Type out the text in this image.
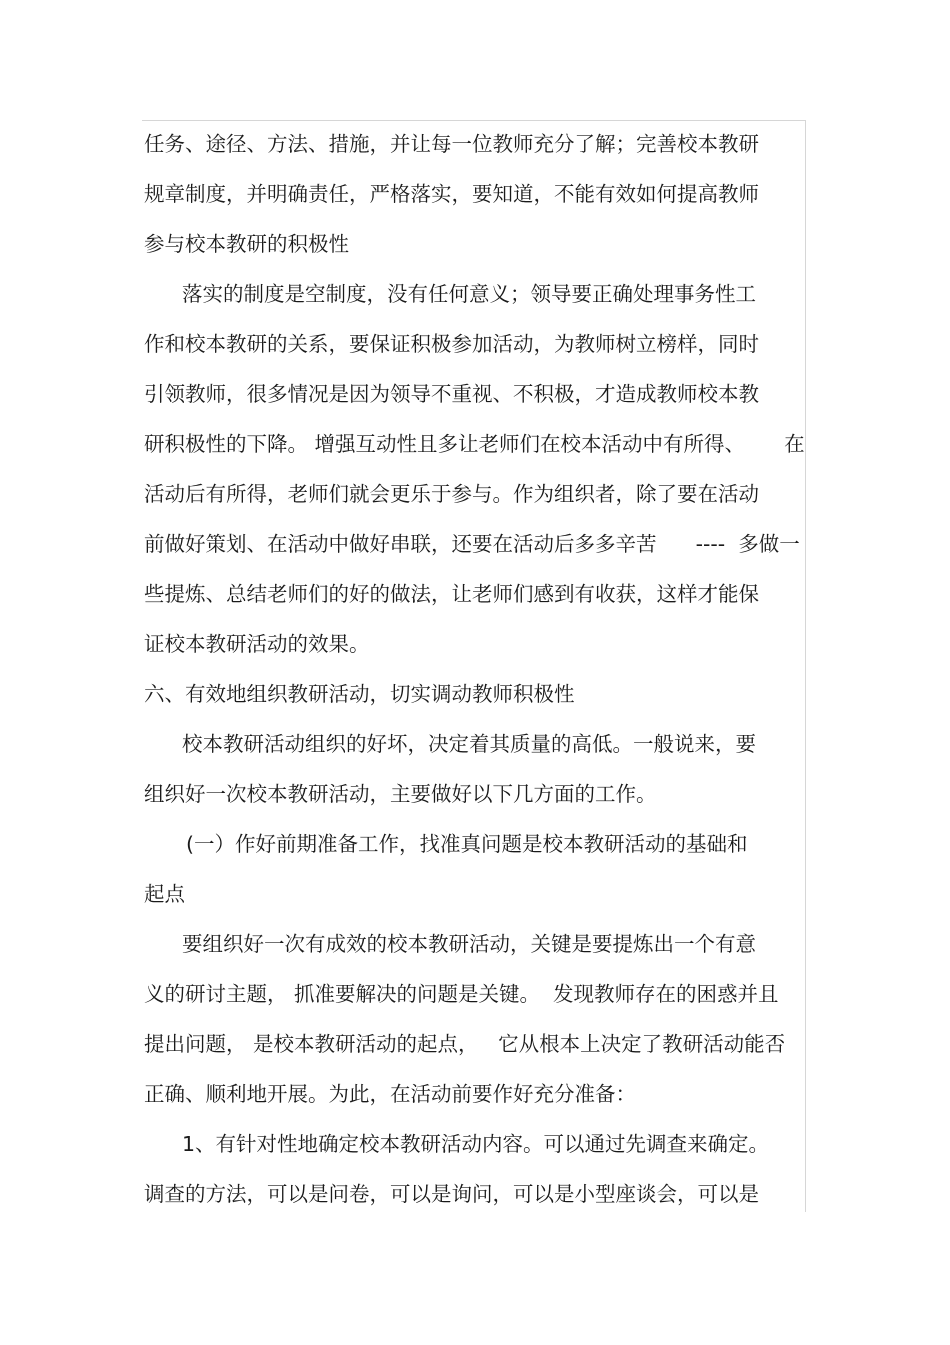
任务、途径、方法、措施，并让每一位教师充分了解；完善校本教研
规章制度，并明确责任，严格落实，要知道，不能有效如何提高教师
参与校本教研的积极性
落实的制度是空制度，没有任何意义；领导要正确处理事务性工
作和校本教研的关系，要保证积极参加活动，为教师树立榜样，同时
引领教师，很多情况是因为领导不重视、不积极，才造成教师校本教
研积极性的下降。 增强互动性且多让老师们在校本活动中有所得、      在
活动后有所得，老师们就会更乐于参与。作为组织者，除了要在活动
前做好策划、在活动中做好串联，还要在活动后多多辛苦      ----  多做一
些提炼、总结老师们的好的做法，让老师们感到有收获，这样才能保
证校本教研活动的效果。
六、有效地组织教研活动，切实调动教师积极性
校本教研活动组织的好坏，决定着其质量的高低。一般说来，要
组织好一次校本教研活动，主要做好以下几方面的工作。
(一）作好前期准备工作，找准真问题是校本教研活动的基础和
起点
要组织好一次有成效的校本教研活动，关键是要提炼出一个有意
义的研讨主题， 抓准要解决的问题是关键。  发现教师存在的困惑并且
提出问题， 是校本教研活动的起点，   它从根本上决定了教研活动能否
正确、顺利地开展。为此，在活动前要作好充分准备：
1、有针对性地确定校本教研活动内容。可以通过先调查来确定。
调查的方法，可以是问卷，可以是询问，可以是小型座谈会，可以是
